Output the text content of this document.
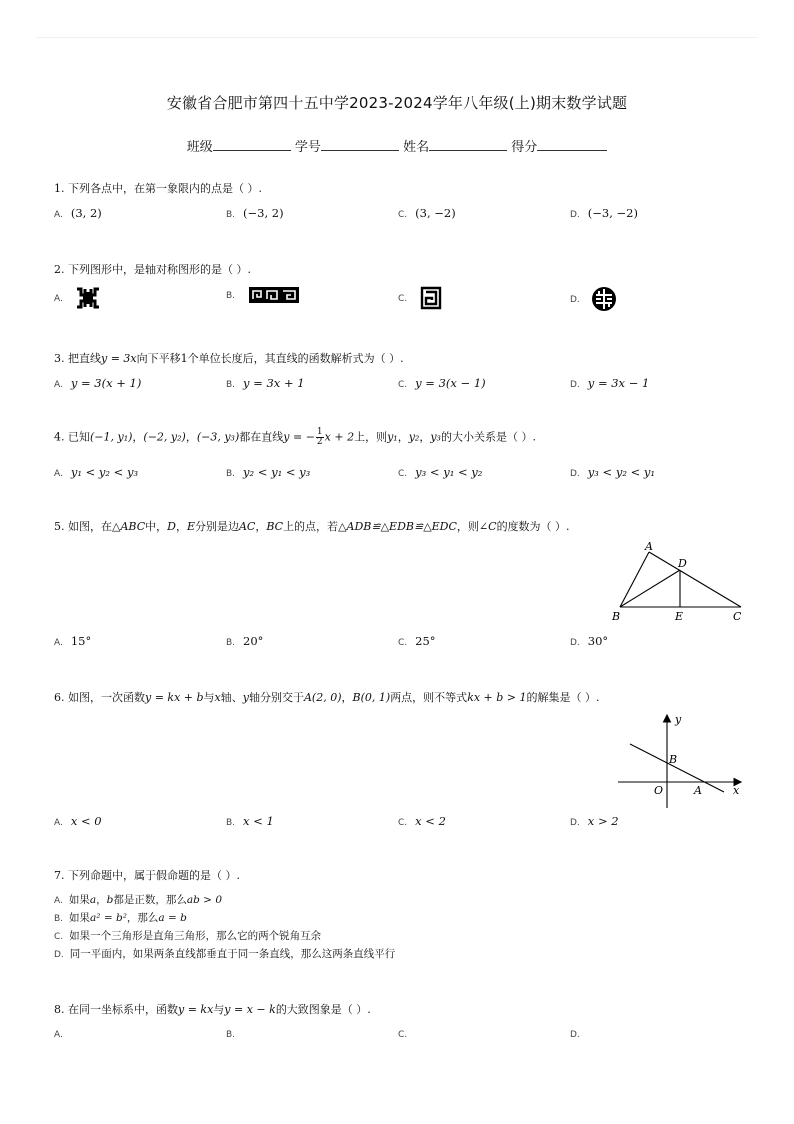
安徽省合肥市第四十五中学2023-2024学年八年级(上)期末数学试题
班级	学号	姓名	得分
1. 下列各点中，在第一象限内的点是（ ）.
A. (3, 2)	B. (−3, 2)	C. (3, −2)	D. (−3, −2)
2. 下列图形中，是轴对称图形的是（ ）.
A.	B.	C.	D.
3. 把直线y = 3x向下平移1个单位长度后，其直线的函数解析式为（ ）.
A. y = 3(x + 1)	B. y = 3x + 1	C. y = 3(x − 1)	D. y = 3x − 1
4. 已知(−1, y₁)，(−2, y₂)，(−3, y₃)都在直线y = − $\frac{1}{2}$ x + 2上，则y₁，y₂，y₃的大小关系是（ ）.
A. y₁ < y₂ < y₃	B. y₂ < y₁ < y₃	C. y₃ < y₁ < y₂	D. y₃ < y₂ < y₁
5. 如图，在△ABC中，D，E分别是边AC，BC上的点，若△ADB≌△EDB≌△EDC，则∠C的度数为（ ）.
A
D
B	E	C
A. 15°	B. 20°	C. 25°	D. 30°
6. 如图，一次函数y = kx + b与x轴、y轴分别交于A(2, 0)，B(0, 1)两点，则不等式kx + b > 1的解集是（ ）.
y
B
O	A	x
A. x < 0	B. x < 1	C. x < 2	D. x > 2
7. 下列命题中，属于假命题的是（ ）.
A. 如果a，b都是正数，那么ab > 0
B. 如果a² = b²，那么a = b
C. 如果一个三角形是直角三角形，那么它的两个锐角互余
D. 同一平面内，如果两条直线都垂直于同一条直线，那么这两条直线平行
8. 在同一坐标系中，函数y = kx与y = x − k的大致图象是（ ）.
A.	B.	C.	D.
